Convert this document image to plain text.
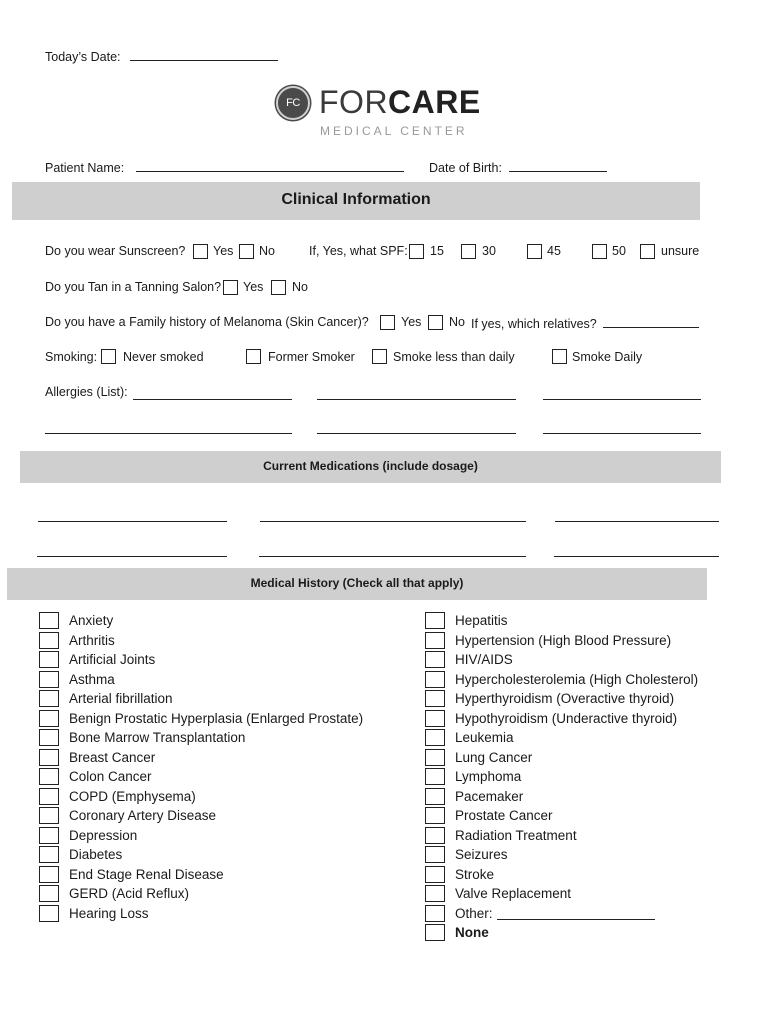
Today’s Date:
FC FORCARE
MEDICAL CENTER
Patient Name:	Date of Birth:
Clinical Information
Do you wear Sunscreen? Yes No	If, Yes, what SPF: 15	30	45	50	unsure
Do you Tan in a Tanning Salon? Yes No
Do you have a Family history of Melanoma (Skin Cancer)?	Yes No If yes, which relatives?
Smoking: Never smoked	Former Smoker	Smoke less than daily	Smoke Daily
Allergies (List):
Current Medications (include dosage)
Medical History (Check all that apply)
Anxiety
Arthritis
Artificial Joints
Asthma
Arterial fibrillation
Benign Prostatic Hyperplasia (Enlarged Prostate)
Bone Marrow Transplantation
Breast Cancer
Colon Cancer
COPD (Emphysema)
Coronary Artery Disease
Depression
Diabetes
End Stage Renal Disease
GERD (Acid Reflux)
Hearing Loss
Hepatitis
Hypertension (High Blood Pressure)
HIV/AIDS
Hypercholesterolemia (High Cholesterol)
Hyperthyroidism (Overactive thyroid)
Hypothyroidism (Underactive thyroid)
Leukemia
Lung Cancer
Lymphoma
Pacemaker
Prostate Cancer
Radiation Treatment
Seizures
Stroke
Valve Replacement
Other:
None
